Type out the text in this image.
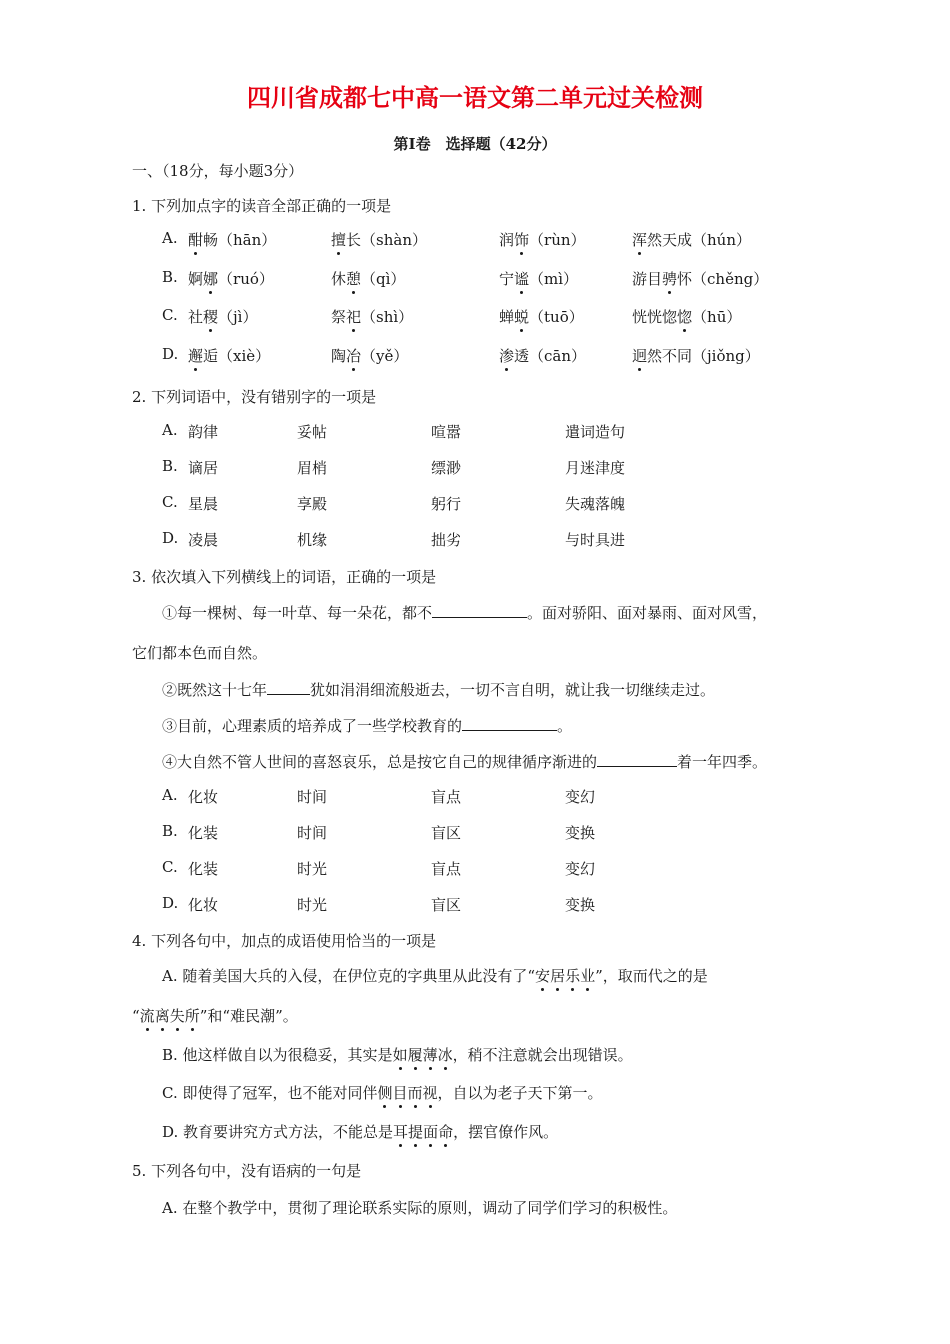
四川省成都七中高一语文第二单元过关检测
第Ⅰ卷　选择题（42分）
一、（18分，每小题3分）
1. 下列加点字的读音全部正确的一项是
A. 酣畅（hān）	擅长（shàn）	润饰（rùn）	浑然天成（hún）
B. 婀娜（ruó）	休憩（qì）	宁谧（mì）	游目骋怀（chěng）
C. 社稷（jì）	祭祀（shì）	蝉蜕（tuō）	恍恍惚惚（hū）
D. 邂逅（xiè）	陶冶（yě）	渗透（cān）	迥然不同（jiǒng）
2. 下列词语中，没有错别字的一项是
A. 韵律	妥帖	喧嚣	遣词造句
B. 谪居	眉梢	缥渺	月迷津度
C. 星晨	享殿	躬行	失魂落魄
D. 凌晨	机缘	拙劣	与时具进
3. 依次填入下列横线上的词语，正确的一项是
①每一棵树、每一叶草、每一朵花，都不	。面对骄阳、面对暴雨、面对风雪，
它们都本色而自然。
②既然这十七年	犹如涓涓细流般逝去，一切不言自明，就让我一切继续走过。
③目前，心理素质的培养成了一些学校教育的	。
④大自然不管人世间的喜怒哀乐，总是按它自己的规律循序渐进的	着一年四季。
A. 化妆	时间	盲点	变幻
B. 化装	时间	盲区	变换
C. 化装	时光	盲点	变幻
D. 化妆	时光	盲区	变换
4. 下列各句中，加点的成语使用恰当的一项是
A. 随着美国大兵的入侵，在伊位克的字典里从此没有了“安居乐业”，取而代之的是
“流离失所”和“难民潮”。
B. 他这样做自以为很稳妥，其实是如履薄冰，稍不注意就会出现错误。
C. 即使得了冠军，也不能对同伴侧目而视，自以为老子天下第一。
D. 教育要讲究方式方法，不能总是耳提面命，摆官僚作风。
5. 下列各句中，没有语病的一句是
A. 在整个教学中，贯彻了理论联系实际的原则，调动了同学们学习的积极性。
